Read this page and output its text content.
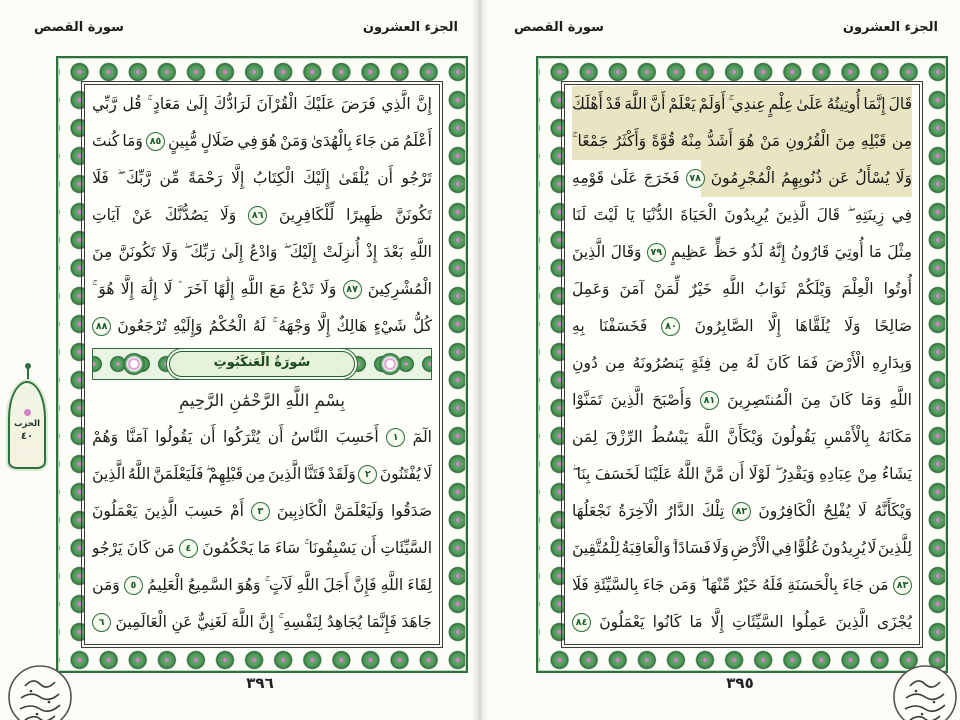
سورة القصص	الجزء العشرون
إِنَّ
الَّذِي
فَرَضَ
عَلَيْكَ
الْقُرْآنَ
لَرَادُّكَ
إِلَىٰ
مَعَادٍ
قُل
رَّبِّي
أَعْلَمُ
مَن
جَاءَ
بِالْهُدَىٰ
وَمَنْ
هُوَ
فِي
ضَلَالٍ
مُّبِينٍ
٨٥
وَمَا
كُنتَ
تَرْجُو
أَن
يُلْقَىٰ
إِلَيْكَ
الْكِتَابُ
إِلَّا
رَحْمَةً
مِّن
رَّبِّكَ
فَلَا
تَكُونَنَّ
ظَهِيرًا
لِّلْكَافِرِينَ
٨٦
وَلَا
يَصُدُّنَّكَ
عَنْ
آيَاتِ
اللَّهِ
بَعْدَ
إِذْ
أُنزِلَتْ
إِلَيْكَ
وَادْعُ
إِلَىٰ
رَبِّكَ
وَلَا
تَكُونَنَّ
مِنَ
الْمُشْرِكِينَ
٨٧
وَلَا
تَدْعُ
مَعَ
اللَّهِ
إِلَٰهًا
آخَرَ
لَا
إِلَٰهَ
إِلَّا
هُوَ
كُلُّ
شَيْءٍ
هَالِكٌ
إِلَّا
وَجْهَهُ
لَهُ
الْحُكْمُ
وَإِلَيْهِ
تُرْجَعُونَ
٨٨
سُورَةُ الْعَنكَبُوتِ
بِسْمِ اللَّهِ الرَّحْمَٰنِ الرَّحِيمِ
الٓمٓ
١
أَحَسِبَ
النَّاسُ
أَن
يُتْرَكُوا
أَن
يَقُولُوا
آمَنَّا
وَهُمْ
لَا
يُفْتَنُونَ
٢
وَلَقَدْ
فَتَنَّا
الَّذِينَ
مِن
قَبْلِهِمْ
فَلَيَعْلَمَنَّ
اللَّهُ
الَّذِينَ
صَدَقُوا
وَلَيَعْلَمَنَّ
الْكَاذِبِينَ
٣
أَمْ
حَسِبَ
الَّذِينَ
يَعْمَلُونَ
السَّيِّئَاتِ
أَن
يَسْبِقُونَا
سَاءَ
مَا
يَحْكُمُونَ
٤
مَن
كَانَ
يَرْجُو
لِقَاءَ
اللَّهِ
فَإِنَّ
أَجَلَ
اللَّهِ
لَآتٍ
وَهُوَ
السَّمِيعُ
الْعَلِيمُ
٥
وَمَن
جَاهَدَ
فَإِنَّمَا
يُجَاهِدُ
لِنَفْسِهِ
إِنَّ
اللَّهَ
لَغَنِيٌّ
عَنِ
الْعَالَمِينَ
٦
٣٩٦
الحزب
٤٠
سورة القصص	الجزء العشرون
قَالَ
إِنَّمَا
أُوتِيتُهُ
عَلَىٰ
عِلْمٍ
عِندِي
أَوَلَمْ
يَعْلَمْ
أَنَّ
اللَّهَ
قَدْ
أَهْلَكَ
مِن
قَبْلِهِ
مِنَ
الْقُرُونِ
مَنْ
هُوَ
أَشَدُّ
مِنْهُ
قُوَّةً
وَأَكْثَرُ
جَمْعًا
وَلَا
يُسْأَلُ
عَن
ذُنُوبِهِمُ
الْمُجْرِمُونَ
٧٨
فَخَرَجَ
عَلَىٰ
قَوْمِهِ
فِي
زِينَتِهِ
قَالَ
الَّذِينَ
يُرِيدُونَ
الْحَيَاةَ
الدُّنْيَا
يَا
لَيْتَ
لَنَا
مِثْلَ
مَا
أُوتِيَ
قَارُونُ
إِنَّهُ
لَذُو
حَظٍّ
عَظِيمٍ
٧٩
وَقَالَ
الَّذِينَ
أُوتُوا
الْعِلْمَ
وَيْلَكُمْ
ثَوَابُ
اللَّهِ
خَيْرٌ
لِّمَنْ
آمَنَ
وَعَمِلَ
صَالِحًا
وَلَا
يُلَقَّاهَا
إِلَّا
الصَّابِرُونَ
٨٠
فَخَسَفْنَا
بِهِ
وَبِدَارِهِ
الْأَرْضَ
فَمَا
كَانَ
لَهُ
مِن
فِئَةٍ
يَنصُرُونَهُ
مِن
دُونِ
اللَّهِ
وَمَا
كَانَ
مِنَ
الْمُنتَصِرِينَ
٨١
وَأَصْبَحَ
الَّذِينَ
تَمَنَّوْا
مَكَانَهُ
بِالْأَمْسِ
يَقُولُونَ
وَيْكَأَنَّ
اللَّهَ
يَبْسُطُ
الرِّزْقَ
لِمَن
يَشَاءُ
مِنْ
عِبَادِهِ
وَيَقْدِرُ
لَوْلَا
أَن
مَّنَّ
اللَّهُ
عَلَيْنَا
لَخَسَفَ
بِنَا
وَيْكَأَنَّهُ
لَا
يُفْلِحُ
الْكَافِرُونَ
٨٢
تِلْكَ
الدَّارُ
الْآخِرَةُ
نَجْعَلُهَا
لِلَّذِينَ
لَا
يُرِيدُونَ
عُلُوًّا
فِي
الْأَرْضِ
وَلَا
فَسَادًا
وَالْعَاقِبَةُ
لِلْمُتَّقِينَ
٨٣
مَن
جَاءَ
بِالْحَسَنَةِ
فَلَهُ
خَيْرٌ
مِّنْهَا
وَمَن
جَاءَ
بِالسَّيِّئَةِ
فَلَا
يُجْزَى
الَّذِينَ
عَمِلُوا
السَّيِّئَاتِ
إِلَّا
مَا
كَانُوا
يَعْمَلُونَ
٨٤
٣٩٥
